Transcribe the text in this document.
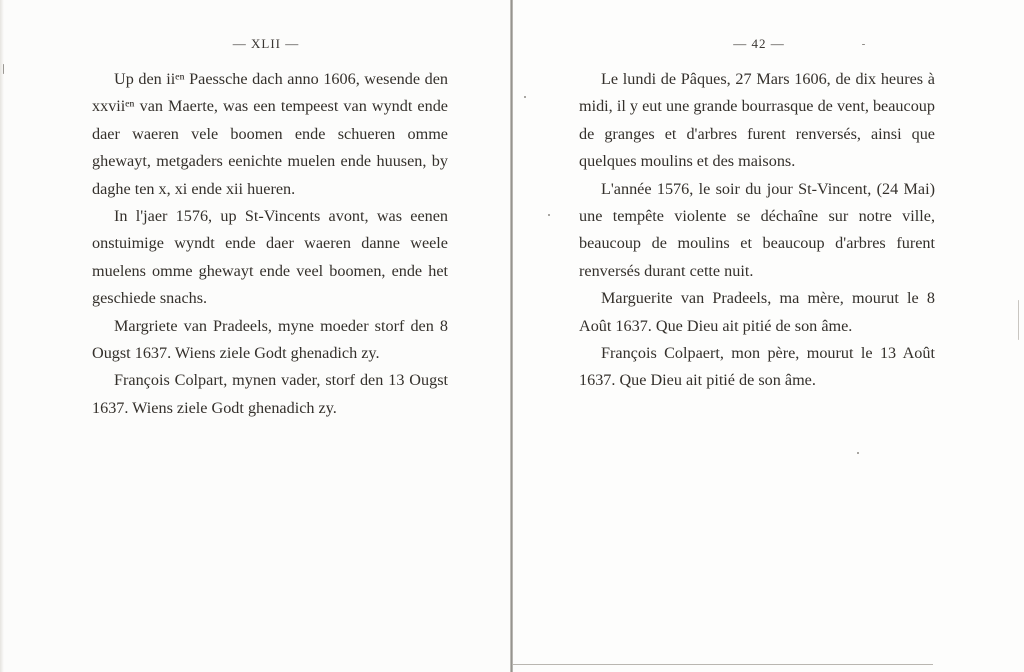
— XLII —

Up den iiᵉⁿ Paessche dach anno 1606, wesende den xxviiᵉⁿ van Maerte, was een tempeest van wyndt ende daer waeren vele boomen ende schueren omme ghewayt, metgaders eenichte muelen ende huusen, by daghe ten x, xi ende xii hueren.

In l'jaer 1576, up St-Vincents avont, was eenen onstuimige wyndt ende daer waeren danne weele muelens omme ghewayt ende veel boomen, ende het geschiede snachs.

Margriete van Pradeels, myne moeder storf den 8 Ougst 1637. Wiens ziele Godt ghenadich zy.

François Colpart, mynen vader, storf den 13 Ougst 1637. Wiens ziele Godt ghenadich zy.

— 42 —

Le lundi de Pâques, 27 Mars 1606, de dix heures à midi, il y eut une grande bourrasque de vent, beaucoup de granges et d'arbres furent renversés, ainsi que quelques moulins et des maisons.

L'année 1576, le soir du jour St-Vincent, (24 Mai) une tempête violente se déchaîne sur notre ville, beaucoup de moulins et beaucoup d'arbres furent renversés durant cette nuit.

Marguerite van Pradeels, ma mère, mourut le 8 Août 1637. Que Dieu ait pitié de son âme.

François Colpaert, mon père, mourut le 13 Août 1637. Que Dieu ait pitié de son âme.
